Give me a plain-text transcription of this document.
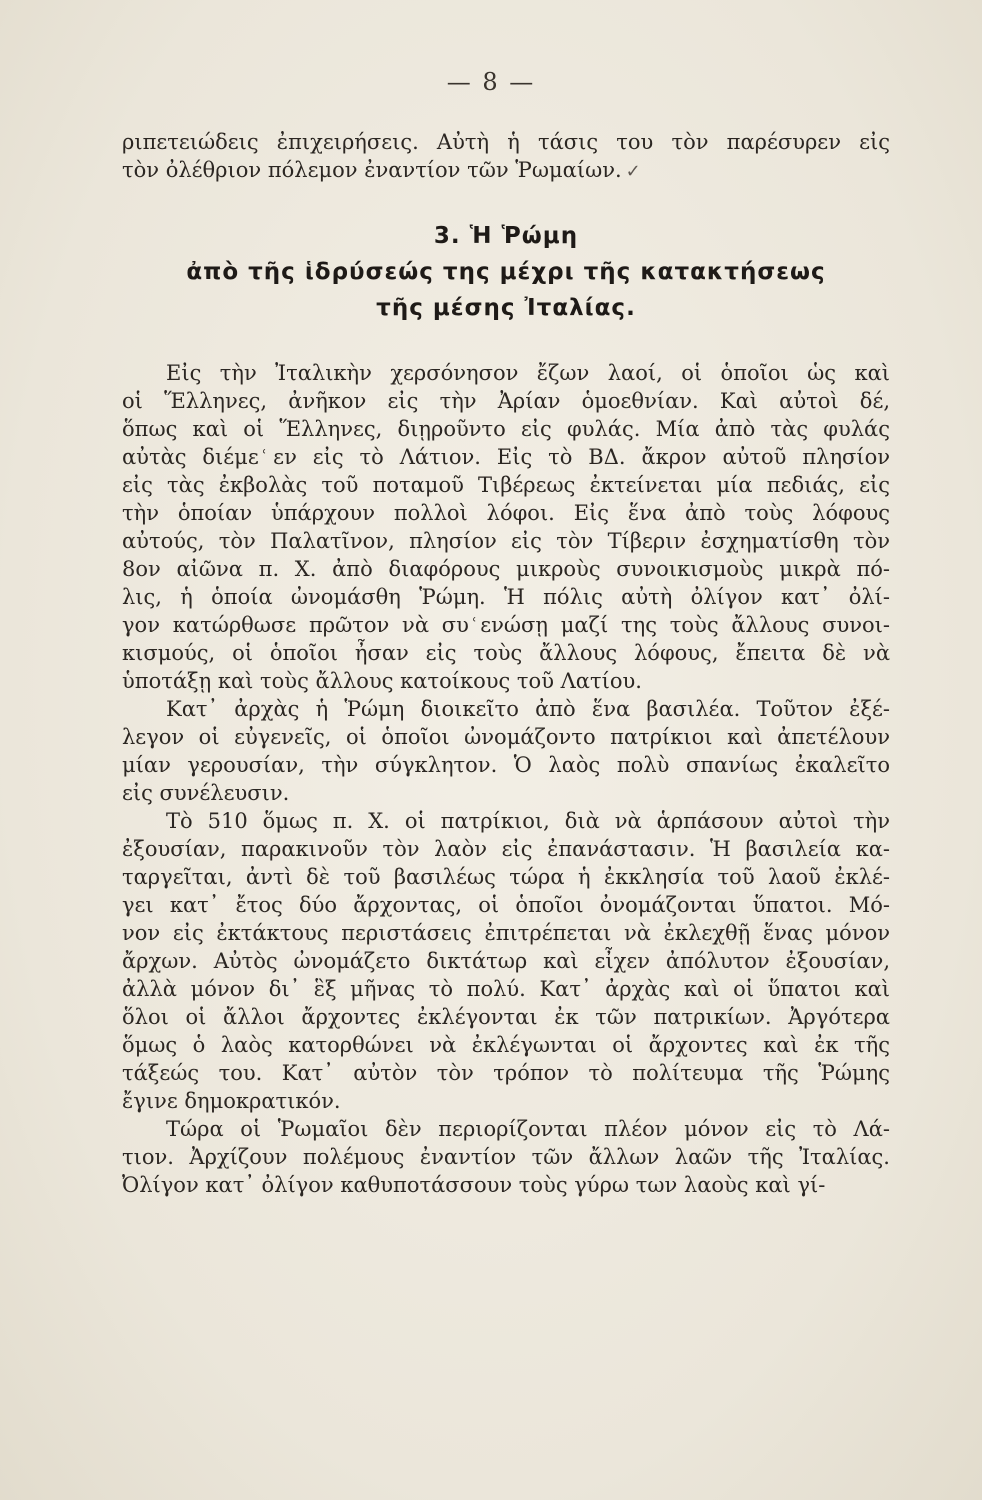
— 8 —
ριπετειώδεις ἐπιχειρήσεις. Αὐτὴ ἡ τάσις του τὸν παρέσυρεν εἰς
τὸν ὀλέθριον πόλεμον ἐναντίον τῶν Ῥωμαίων. ✓
3. Ἡ Ῥώμη
ἀπὸ τῆς ἱδρύσεώς της μέχρι τῆς κατακτήσεως
τῆς μέσης Ἰταλίας.
Εἰς τὴν Ἰταλικὴν χερσόνησον ἔζων λαοί, οἱ ὁποῖοι ὡς καὶ
οἱ Ἕλληνες, ἀνῆκον εἰς τὴν Ἀρίαν ὁμοεθνίαν. Καὶ αὐτοὶ δέ,
ὅπως καὶ οἱ Ἕλληνες, διῃροῦντο εἰς φυλάς. Μία ἀπὸ τὰς φυλάς
αὐτὰς διέμε ͑εν εἰς τὸ Λάτιον. Εἰς τὸ ΒΔ. ἄκρον αὐτοῦ πλησίον
εἰς τὰς ἐκβολὰς τοῦ ποταμοῦ Τιβέρεως ἐκτείνεται μία πεδιάς, εἰς
τὴν ὁποίαν ὑπάρχουν πολλοὶ λόφοι. Εἰς ἕνα ἀπὸ τοὺς λόφους
αὐτούς, τὸν Παλατῖνον, πλησίον εἰς τὸν Τίβεριν ἐσχηματίσθη τὸν
8ον αἰῶνα π. Χ. ἀπὸ διαφόρους μικροὺς συνοικισμοὺς μικρὰ πό-
λις, ἡ ὁποία ὠνομάσθη Ῥώμη. Ἡ πόλις αὐτὴ ὀλίγον κατ᾽ ὀλί-
γον κατώρθωσε πρῶτον νὰ συ ͑ενώσῃ μαζί της τοὺς ἄλλους συνοι-
κισμούς, οἱ ὁποῖοι ἦσαν εἰς τοὺς ἄλλους λόφους, ἔπειτα δὲ νὰ
ὑποτάξῃ καὶ τοὺς ἄλλους κατοίκους τοῦ Λατίου.
Κατ᾽ ἀρχὰς ἡ Ῥώμη διοικεῖτο ἀπὸ ἕνα βασιλέα. Τοῦτον ἐξέ-
λεγον οἱ εὐγενεῖς, οἱ ὁποῖοι ὠνομάζοντο πατρίκιοι καὶ ἀπετέλουν
μίαν γερουσίαν, τὴν σύγκλητον. Ὁ λαὸς πολὺ σπανίως ἐκαλεῖτο
εἰς συνέλευσιν.
Τὸ 510 ὅμως π. Χ. οἱ πατρίκιοι, διὰ νὰ ἁρπάσουν αὐτοὶ τὴν
ἐξουσίαν, παρακινοῦν τὸν λαὸν εἰς ἐπανάστασιν. Ἡ βασιλεία κα-
ταργεῖται, ἀντὶ δὲ τοῦ βασιλέως τώρα ἡ ἐκκλησία τοῦ λαοῦ ἐκλέ-
γει κατ᾽ ἔτος δύο ἄρχοντας, οἱ ὁποῖοι ὀνομάζονται ὕπατοι. Μό-
νον εἰς ἐκτάκτους περιστάσεις ἐπιτρέπεται νὰ ἐκλεχθῇ ἕνας μόνον
ἄρχων. Αὐτὸς ὠνομάζετο δικτάτωρ καὶ εἶχεν ἀπόλυτον ἐξουσίαν,
ἀλλὰ μόνον δι᾽ ἓξ μῆνας τὸ πολύ. Κατ᾽ ἀρχὰς καὶ οἱ ὕπατοι καὶ
ὅλοι οἱ ἄλλοι ἄρχοντες ἐκλέγονται ἐκ τῶν πατρικίων. Ἀργότερα
ὅμως ὁ λαὸς κατορθώνει νὰ ἐκλέγωνται οἱ ἄρχοντες καὶ ἐκ τῆς
τάξεώς του. Κατ᾽ αὐτὸν τὸν τρόπον τὸ πολίτευμα τῆς Ῥώμης
ἔγινε δημοκρατικόν.
Τώρα οἱ Ῥωμαῖοι δὲν περιορίζονται πλέον μόνον εἰς τὸ Λά-
τιον. Ἀρχίζουν πολέμους ἐναντίον τῶν ἄλλων λαῶν τῆς Ἰταλίας.
Ὀλίγον κατ᾽ ὀλίγον καθυποτάσσουν τοὺς γύρω των λαοὺς καὶ γί-
